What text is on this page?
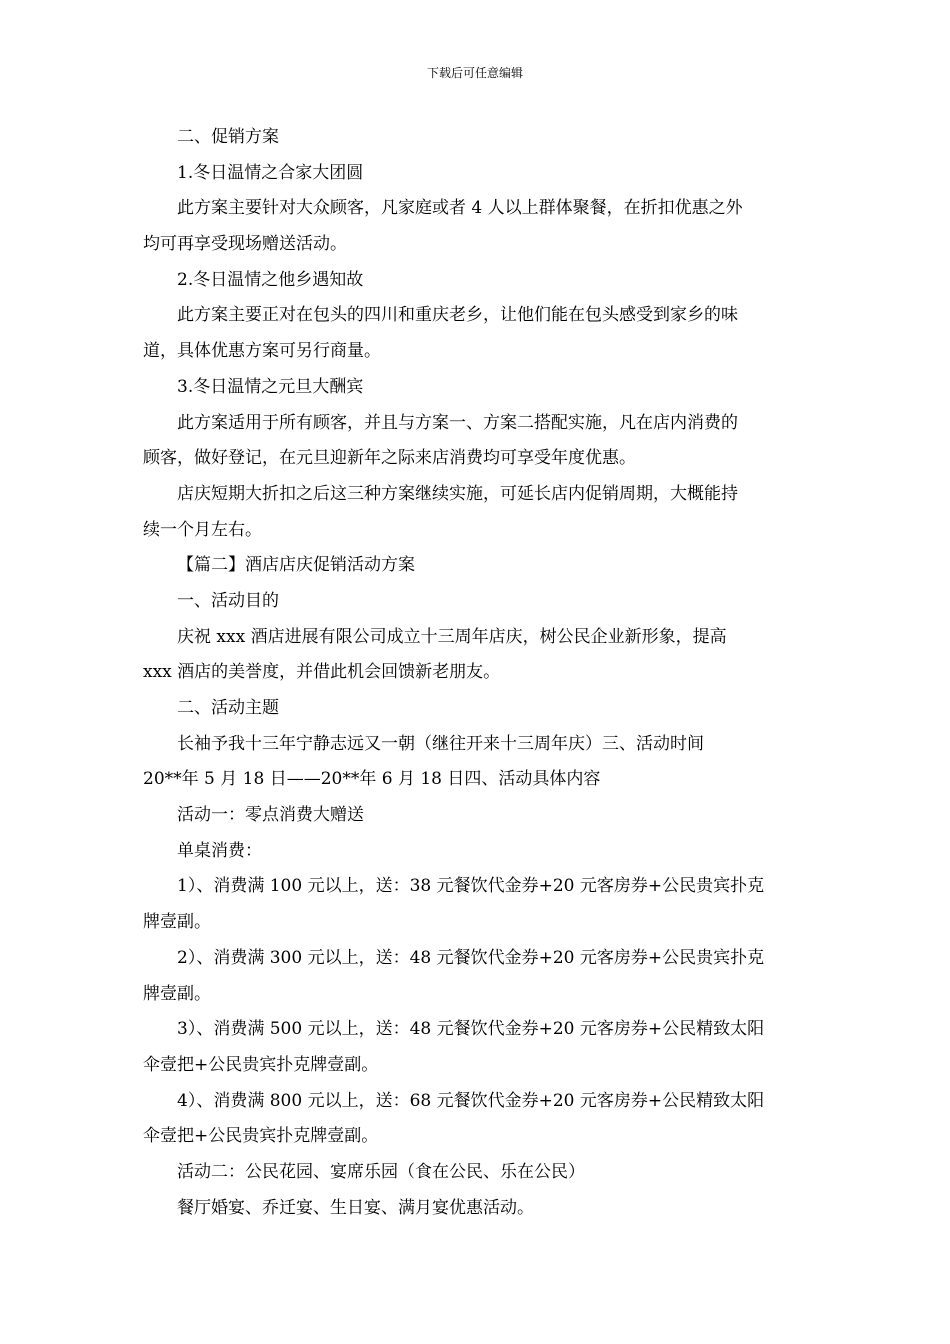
下载后可任意编辑
二、促销方案
1.冬日温情之合家大团圆
此方案主要针对大众顾客，凡家庭或者 4 人以上群体聚餐，在折扣优惠之外
均可再享受现场赠送活动。
2.冬日温情之他乡遇知故
此方案主要正对在包头的四川和重庆老乡，让他们能在包头感受到家乡的味
道，具体优惠方案可另行商量。
3.冬日温情之元旦大酬宾
此方案适用于所有顾客，并且与方案一、方案二搭配实施，凡在店内消费的
顾客，做好登记，在元旦迎新年之际来店消费均可享受年度优惠。
店庆短期大折扣之后这三种方案继续实施，可延长店内促销周期，大概能持
续一个月左右。
【篇二】酒店店庆促销活动方案
一、活动目的
庆祝 xxx 酒店进展有限公司成立十三周年店庆，树公民企业新形象，提高
xxx 酒店的美誉度，并借此机会回馈新老朋友。
二、活动主题
长袖予我十三年宁静志远又一朝（继往开来十三周年庆）三、活动时间
20**年 5 月 18 日——20**年 6 月 18 日四、活动具体内容
活动一：零点消费大赠送
单桌消费：
1）、消费满 100 元以上，送：38 元餐饮代金券+20 元客房券+公民贵宾扑克
牌壹副。
2）、消费满 300 元以上，送：48 元餐饮代金券+20 元客房券+公民贵宾扑克
牌壹副。
3）、消费满 500 元以上，送：48 元餐饮代金券+20 元客房券+公民精致太阳
伞壹把+公民贵宾扑克牌壹副。
4）、消费满 800 元以上，送：68 元餐饮代金券+20 元客房券+公民精致太阳
伞壹把+公民贵宾扑克牌壹副。
活动二：公民花园、宴席乐园（食在公民、乐在公民）
餐厅婚宴、乔迁宴、生日宴、满月宴优惠活动。
